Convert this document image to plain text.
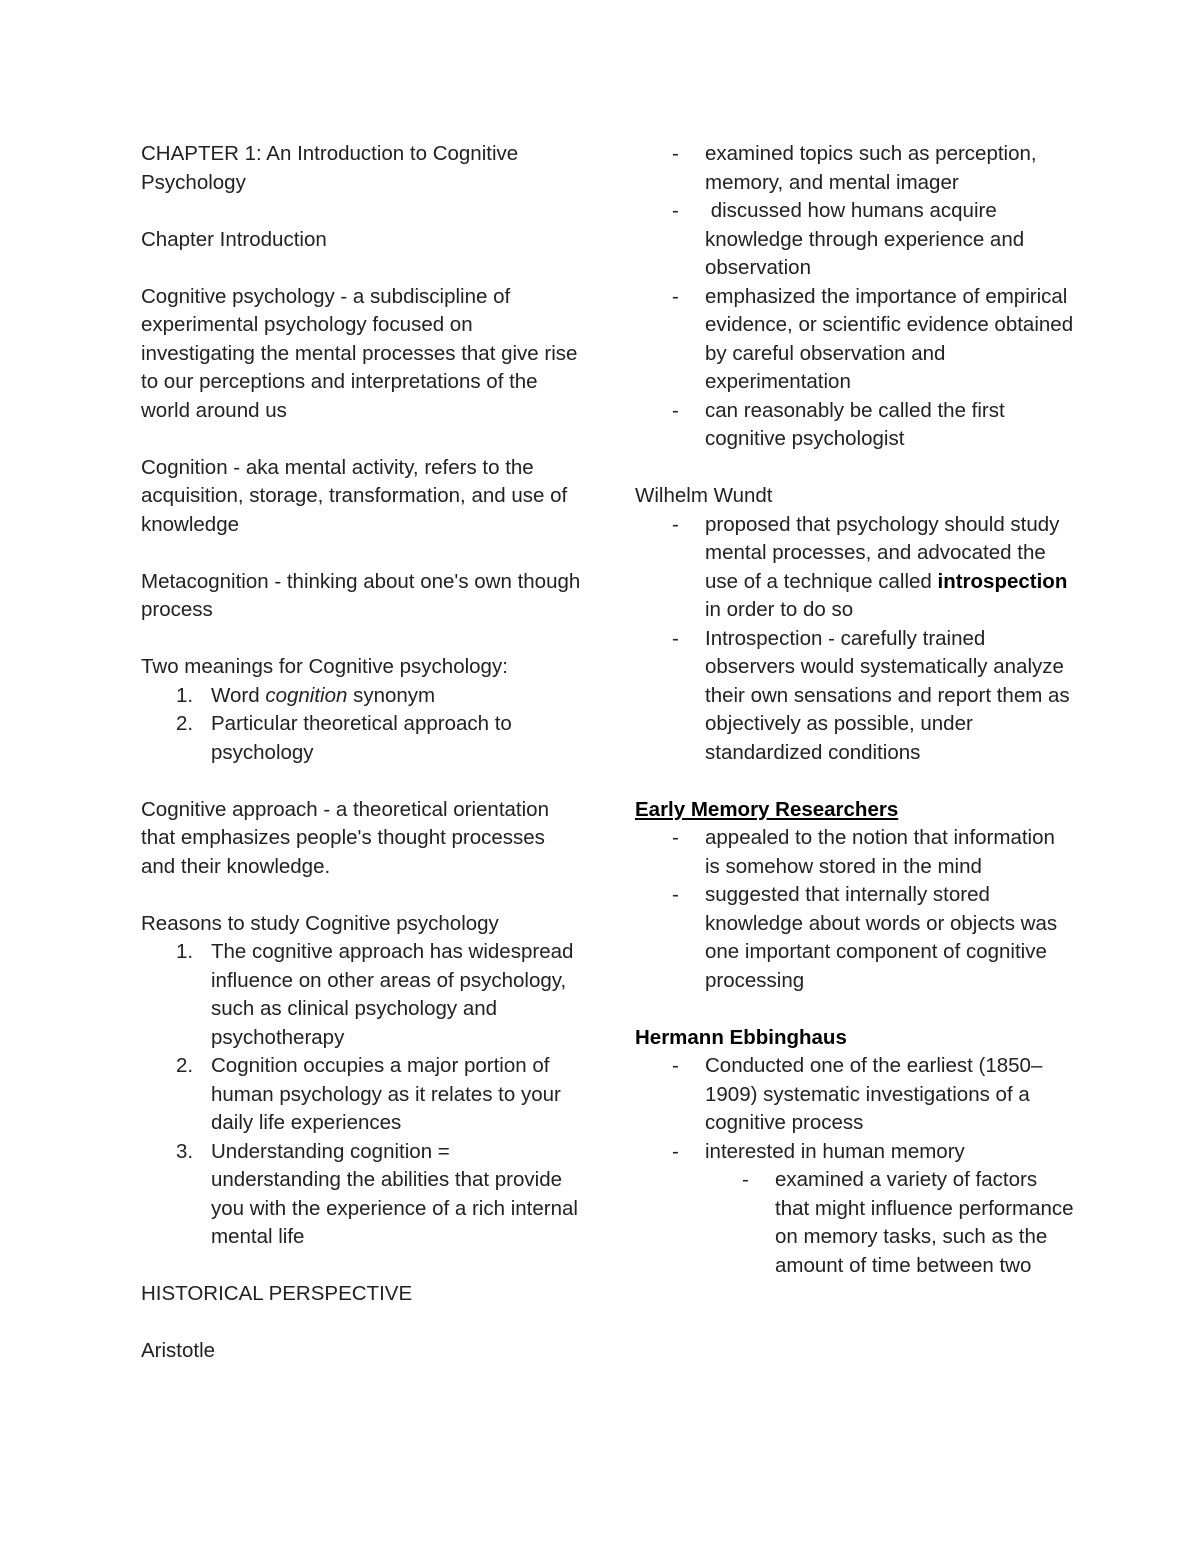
CHAPTER 1: An Introduction to Cognitive Psychology

Chapter Introduction

Cognitive psychology - a subdiscipline of experimental psychology focused on investigating the mental processes that give rise to our perceptions and interpretations of the world around us

Cognition - aka mental activity, refers to the acquisition, storage, transformation, and use of knowledge

Metacognition - thinking about one's own though process

Two meanings for Cognitive psychology:

1. Word cognition synonym
2. Particular theoretical approach to psychology

Cognitive approach - a theoretical orientation that emphasizes people's thought processes and their knowledge.

Reasons to study Cognitive psychology

1. The cognitive approach has widespread influence on other areas of psychology, such as clinical psychology and psychotherapy
2. Cognition occupies a major portion of human psychology as it relates to your daily life experiences
3. Understanding cognition = understanding the abilities that provide you with the experience of a rich internal mental life

HISTORICAL PERSPECTIVE

Aristotle

- examined topics such as perception, memory, and mental imager
- discussed how humans acquire knowledge through experience and observation
- emphasized the importance of empirical evidence, or scientific evidence obtained by careful observation and experimentation
- can reasonably be called the first cognitive psychologist

Wilhelm Wundt

- proposed that psychology should study mental processes, and advocated the use of a technique called introspection in order to do so
- Introspection - carefully trained observers would systematically analyze their own sensations and report them as objectively as possible, under standardized conditions

Early Memory Researchers

- appealed to the notion that information is somehow stored in the mind
- suggested that internally stored knowledge about words or objects was one important component of cognitive processing

Hermann Ebbinghaus

- Conducted one of the earliest (1850–1909) systematic investigations of a cognitive process
- interested in human memory
- examined a variety of factors that might influence performance on memory tasks, such as the amount of time between two
